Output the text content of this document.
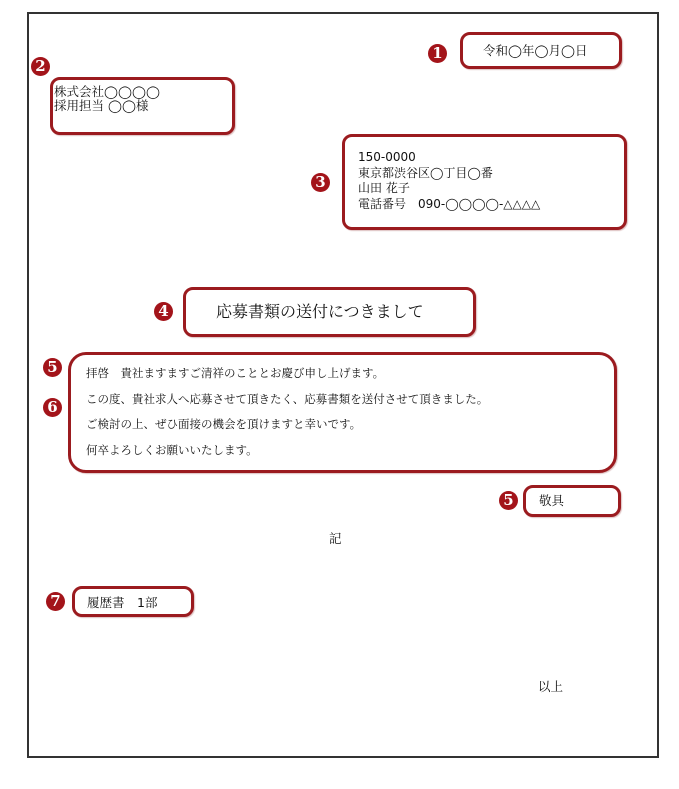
1	令和◯年◯月◯日
2
株式会社◯◯◯◯
採用担当 ◯◯様
3
150-0000
東京都渋谷区◯丁目◯番
山田 花子
電話番号　090-◯◯◯◯-△△△△
4	応募書類の送付につきまして
5
6
拝啓　貴社ますますご清祥のこととお慶び申し上げます。
この度、貴社求人へ応募させて頂きたく、応募書類を送付させて頂きました。
ご検討の上、ぜひ面接の機会を頂けますと幸いです。
何卒よろしくお願いいたします。
5	敬具
記
7	履歴書　1部
以上
